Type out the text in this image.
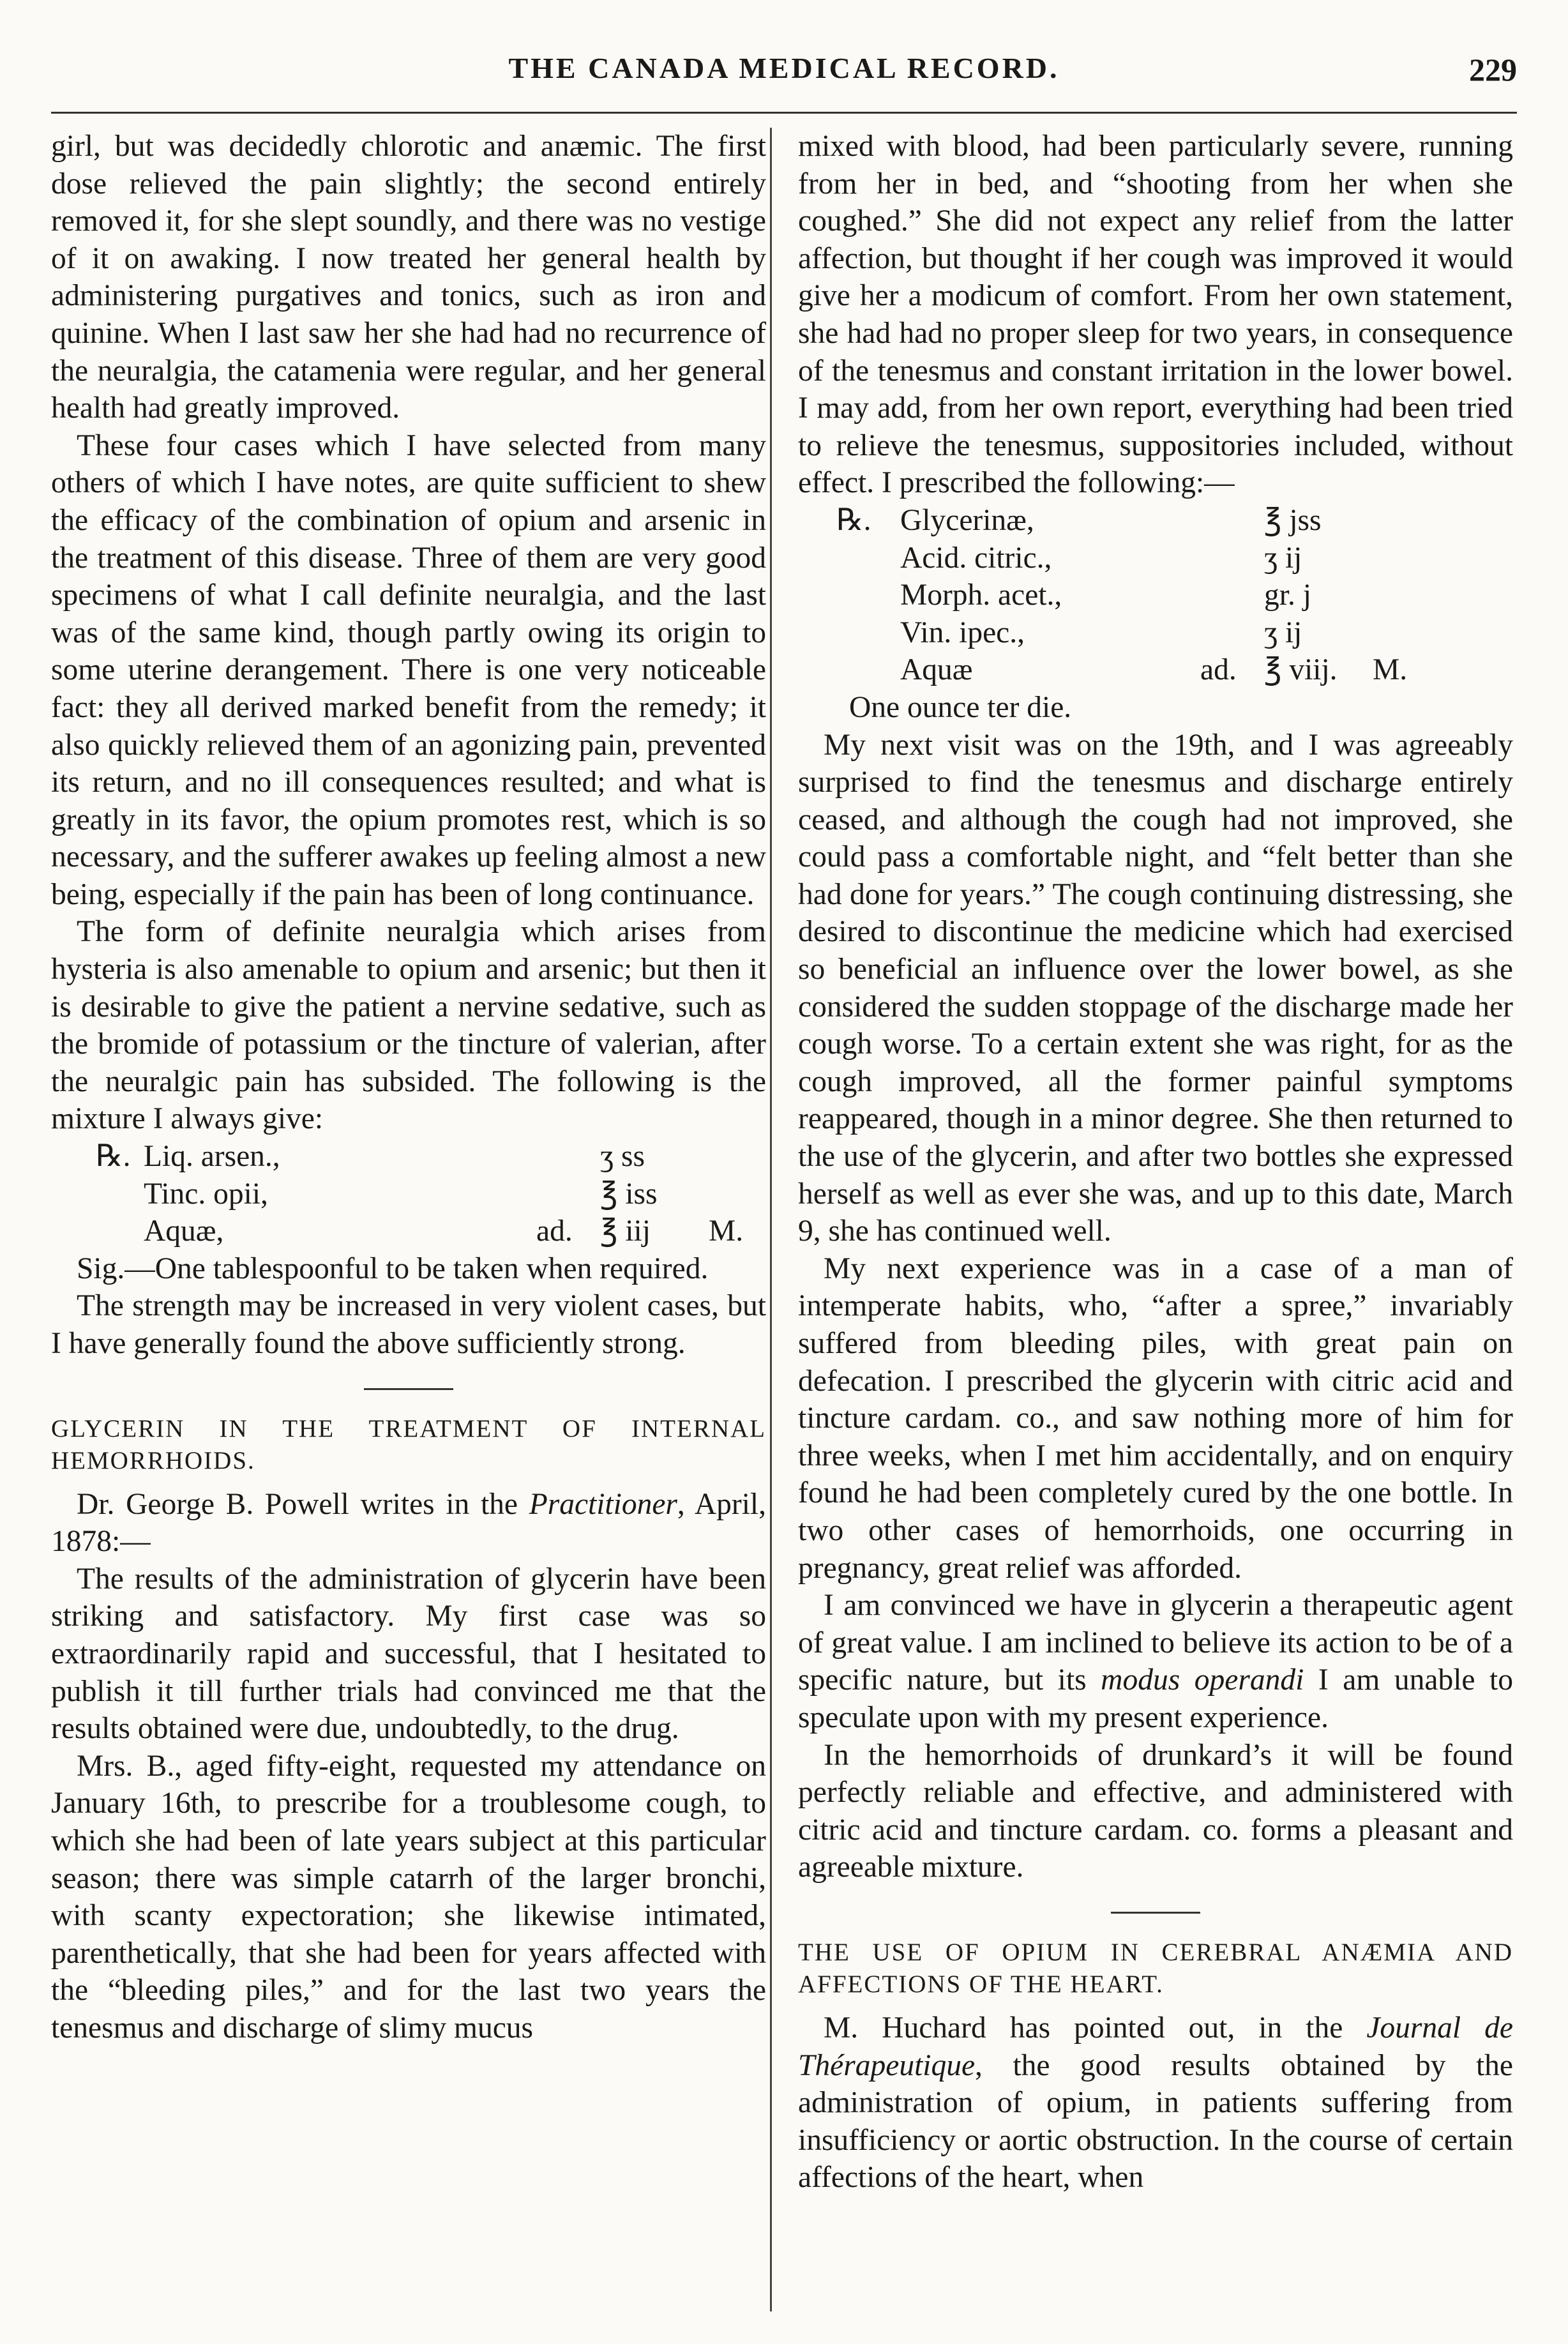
THE CANADA MEDICAL RECORD.	229

girl, but was decidedly chlorotic and anæmic. The first dose relieved the pain slightly; the second entirely removed it, for she slept soundly, and there was no vestige of it on awaking. I now treated her general health by administering purgatives and tonics, such as iron and quinine. When I last saw her she had had no recurrence of the neuralgia, the catamenia were regular, and her general health had greatly improved.

These four cases which I have selected from many others of which I have notes, are quite sufficient to shew the efficacy of the combination of opium and arsenic in the treatment of this disease. Three of them are very good specimens of what I call definite neuralgia, and the last was of the same kind, though partly owing its origin to some uterine derangement. There is one very noticeable fact: they all derived marked benefit from the remedy; it also quickly relieved them of an agonizing pain, prevented its return, and no ill consequences resulted; and what is greatly in its favor, the opium promotes rest, which is so necessary, and the sufferer awakes up feeling almost a new being, especially if the pain has been of long continuance.

The form of definite neuralgia which arises from hysteria is also amenable to opium and arsenic; but then it is desirable to give the patient a nervine sedative, such as the bromide of potassium or the tincture of valerian, after the neuralgic pain has subsided. The following is the mixture I always give:

℞. Liq. arsen.,	ʒ ss
Tinc. opii,	℥ iss
Aquæ,	ad. ℥ iij M.

Sig.—One tablespoonful to be taken when required.

The strength may be increased in very violent cases, but I have generally found the above sufficiently strong.

GLYCERIN IN THE TREATMENT OF INTERNAL HEMORRHOIDS.

Dr. George B. Powell writes in the Practitioner, April, 1878:—

The results of the administration of glycerin have been striking and satisfactory. My first case was so extraordinarily rapid and successful, that I hesitated to publish it till further trials had convinced me that the results obtained were due, undoubtedly, to the drug.

Mrs. B., aged fifty-eight, requested my attendance on January 16th, to prescribe for a troublesome cough, to which she had been of late years subject at this particular season; there was simple catarrh of the larger bronchi, with scanty expectoration; she likewise intimated, parenthetically, that she had been for years affected with the “bleeding piles,” and for the last two years the tenesmus and discharge of slimy mucus

mixed with blood, had been particularly severe, running from her in bed, and “shooting from her when she coughed.” She did not expect any relief from the latter affection, but thought if her cough was improved it would give her a modicum of comfort. From her own statement, she had had no proper sleep for two years, in consequence of the tenesmus and constant irritation in the lower bowel. I may add, from her own report, everything had been tried to relieve the tenesmus, suppositories included, without effect. I prescribed the following:—

℞. Glycerinæ,	℥ jss
Acid. citric.,	ʒ ij
Morph. acet.,	gr. j
Vin. ipec.,	ʒ ij
Aquæ	ad. ℥ viij. M.
One ounce ter die.

My next visit was on the 19th, and I was agreeably surprised to find the tenesmus and discharge entirely ceased, and although the cough had not improved, she could pass a comfortable night, and “felt better than she had done for years.” The cough continuing distressing, she desired to discontinue the medicine which had exercised so beneficial an influence over the lower bowel, as she considered the sudden stoppage of the discharge made her cough worse. To a certain extent she was right, for as the cough improved, all the former painful symptoms reappeared, though in a minor degree. She then returned to the use of the glycerin, and after two bottles she expressed herself as well as ever she was, and up to this date, March 9, she has continued well.

My next experience was in a case of a man of intemperate habits, who, “after a spree,” invariably suffered from bleeding piles, with great pain on defecation. I prescribed the glycerin with citric acid and tincture cardam. co., and saw nothing more of him for three weeks, when I met him accidentally, and on enquiry found he had been completely cured by the one bottle. In two other cases of hemorrhoids, one occurring in pregnancy, great relief was afforded.

I am convinced we have in glycerin a therapeutic agent of great value. I am inclined to believe its action to be of a specific nature, but its modus operandi I am unable to speculate upon with my present experience.

In the hemorrhoids of drunkard’s it will be found perfectly reliable and effective, and administered with citric acid and tincture cardam. co. forms a pleasant and agreeable mixture.

THE USE OF OPIUM IN CEREBRAL ANÆMIA AND AFFECTIONS OF THE HEART.

M. Huchard has pointed out, in the Journal de Thérapeutique, the good results obtained by the administration of opium, in patients suffering from insufficiency or aortic obstruction. In the course of certain affections of the heart, when
